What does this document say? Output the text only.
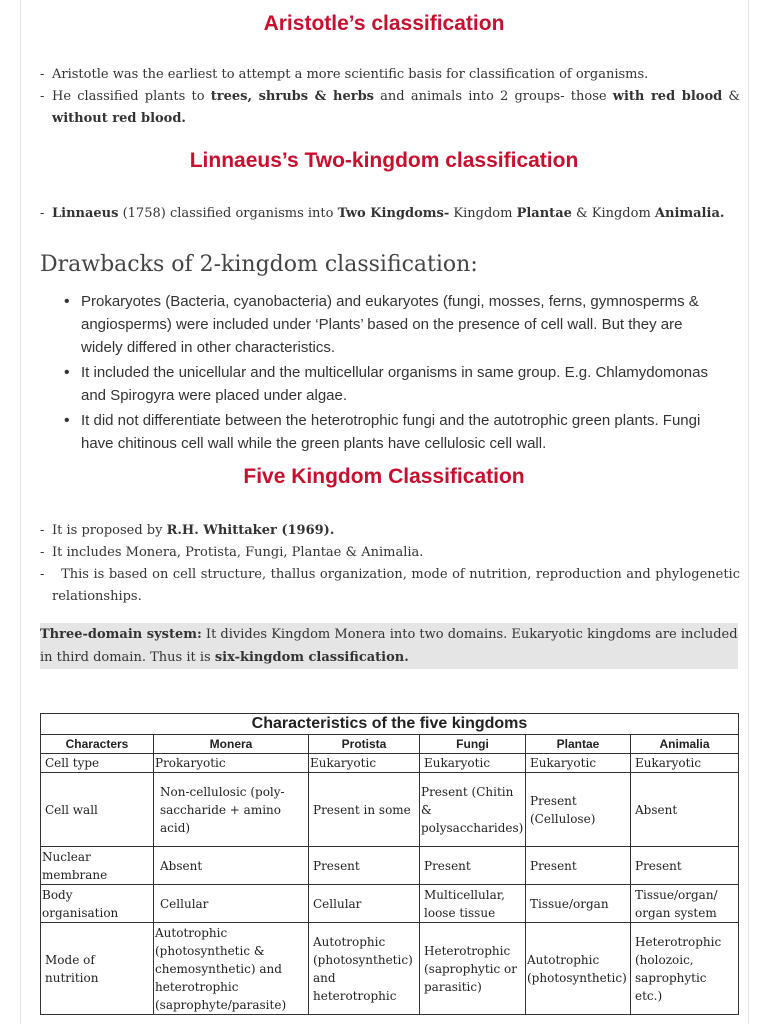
Aristotle’s classification
- Aristotle was the earliest to attempt a more scientific basis for classification of organisms.
- He classified plants to trees, shrubs & herbs and animals into 2 groups- those with red blood & without red blood.
Linnaeus’s Two-kingdom classification
- Linnaeus (1758) classified organisms into Two Kingdoms- Kingdom Plantae & Kingdom Animalia.
Drawbacks of 2-kingdom classification:
• Prokaryotes (Bacteria, cyanobacteria) and eukaryotes (fungi, mosses, ferns, gymnosperms & angiosperms) were included under ‘Plants’ based on the presence of cell wall. But they are widely differed in other characteristics.
• It included the unicellular and the multicellular organisms in same group. E.g. Chlamydomonas and Spirogyra were placed under algae.
• It did not differentiate between the heterotrophic fungi and the autotrophic green plants. Fungi have chitinous cell wall while the green plants have cellulosic cell wall.
Five Kingdom Classification
- It is proposed by R.H. Whittaker (1969).
- It includes Monera, Protista, Fungi, Plantae & Animalia.
-	This is based on cell structure, thallus organization, mode of nutrition, reproduction and phylogenetic relationships.

Three-domain system: It divides Kingdom Monera into two domains. Eukaryotic kingdoms are included in third domain. Thus it is six-kingdom classification.

Characteristics of the five kingdoms
Characters	Monera	Protista	Fungi	Plantae	Animalia
Cell type	Prokaryotic	Eukaryotic	Eukaryotic	Eukaryotic	Eukaryotic
Cell wall	Non-cellulosic (poly-saccharide + amino acid)	Present in some	Present (Chitin & polysaccharides)	Present (Cellulose)	Absent
Nuclear membrane	Absent	Present	Present	Present	Present
Body organisation	Cellular	Cellular	Multicellular, loose tissue	Tissue/organ	Tissue/organ/ organ system
Mode of nutrition	Autotrophic (photosynthetic & chemosynthetic) and heterotrophic (saprophyte/parasite)	Autotrophic (photosynthetic) and heterotrophic	Heterotrophic (saprophytic or parasitic)	Autotrophic (photosynthetic)	Heterotrophic (holozoic, saprophytic etc.)
